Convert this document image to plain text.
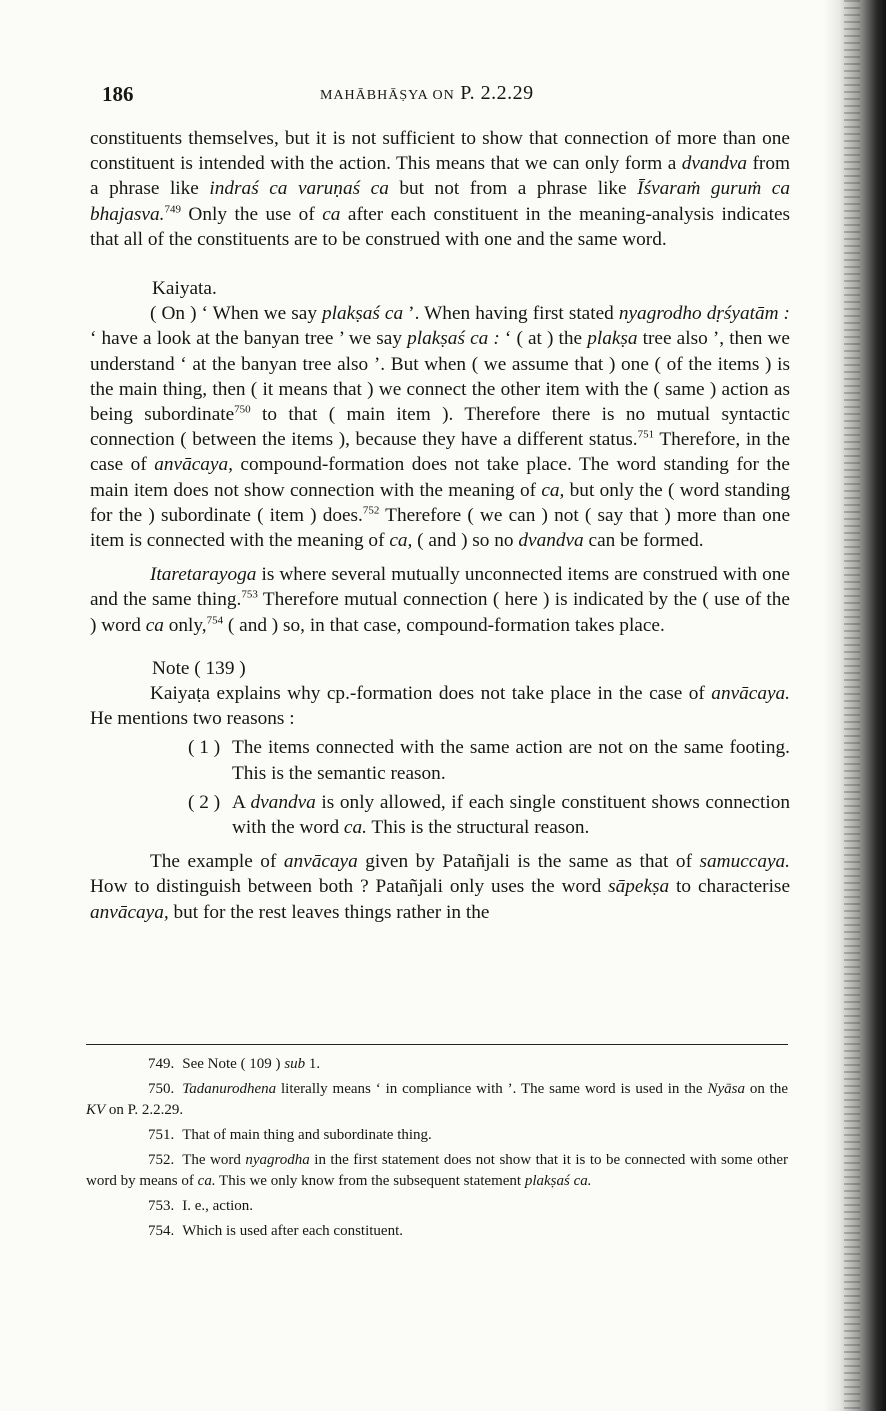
186	MAHĀBHĀṢYA ON P. 2.2.29

constituents themselves, but it is not sufficient to show that connection of more than one constituent is intended with the action. This means that we can only form a dvandva from a phrase like indraś ca varuṇaś ca but not from a phrase like Īśvaraṁ guruṁ ca bhajasva.$^{749}$ Only the use of ca after each constituent in the meaning-analysis indicates that all of the constituents are to be construed with one and the same word.

Kaiyata.

( On ) ‘ When we say plakṣaś ca ’. When having first stated nyagrodho dṛśyatām : ‘ have a look at the banyan tree ’ we say plakṣaś ca : ‘ ( at ) the plakṣa tree also ’, then we understand ‘ at the banyan tree also ’. But when ( we assume that ) one ( of the items ) is the main thing, then ( it means that ) we connect the other item with the ( same ) action as being subordinate$^{750}$ to that ( main item ). Therefore there is no mutual syntactic connection ( between the items ), because they have a different status.$^{751}$ Therefore, in the case of anvācaya, compound-formation does not take place. The word standing for the main item does not show connection with the meaning of ca, but only the ( word standing for the ) subordinate ( item ) does.$^{752}$ Therefore ( we can ) not ( say that ) more than one item is connected with the meaning of ca, ( and ) so no dvandva can be formed.

Itaretarayoga is where several mutually unconnected items are construed with one and the same thing.$^{753}$ Therefore mutual connection ( here ) is indicated by the ( use of the ) word ca only,$^{754}$ ( and ) so, in that case, compound-formation takes place.

Note ( 139 )

Kaiyaṭa explains why cp.-formation does not take place in the case of anvācaya. He mentions two reasons :

( 1 ) The items connected with the same action are not on the same footing. This is the semantic reason.
( 2 ) A dvandva is only allowed, if each single constituent shows connection with the word ca. This is the structural reason.

The example of anvācaya given by Patañjali is the same as that of samuccaya. How to distinguish between both ? Patañjali only uses the word sāpekṣa to characterise anvācaya, but for the rest leaves things rather in the

749. See Note ( 109 ) sub 1.

750. Tadanurodhena literally means ‘ in compliance with ’. The same word is used in the Nyāsa on the KV on P. 2.2.29.

751. That of main thing and subordinate thing.

752. The word nyagrodha in the first statement does not show that it is to be connected with some other word by means of ca. This we only know from the subsequent statement plakṣaś ca.

753. I. e., action.

754. Which is used after each constituent.
